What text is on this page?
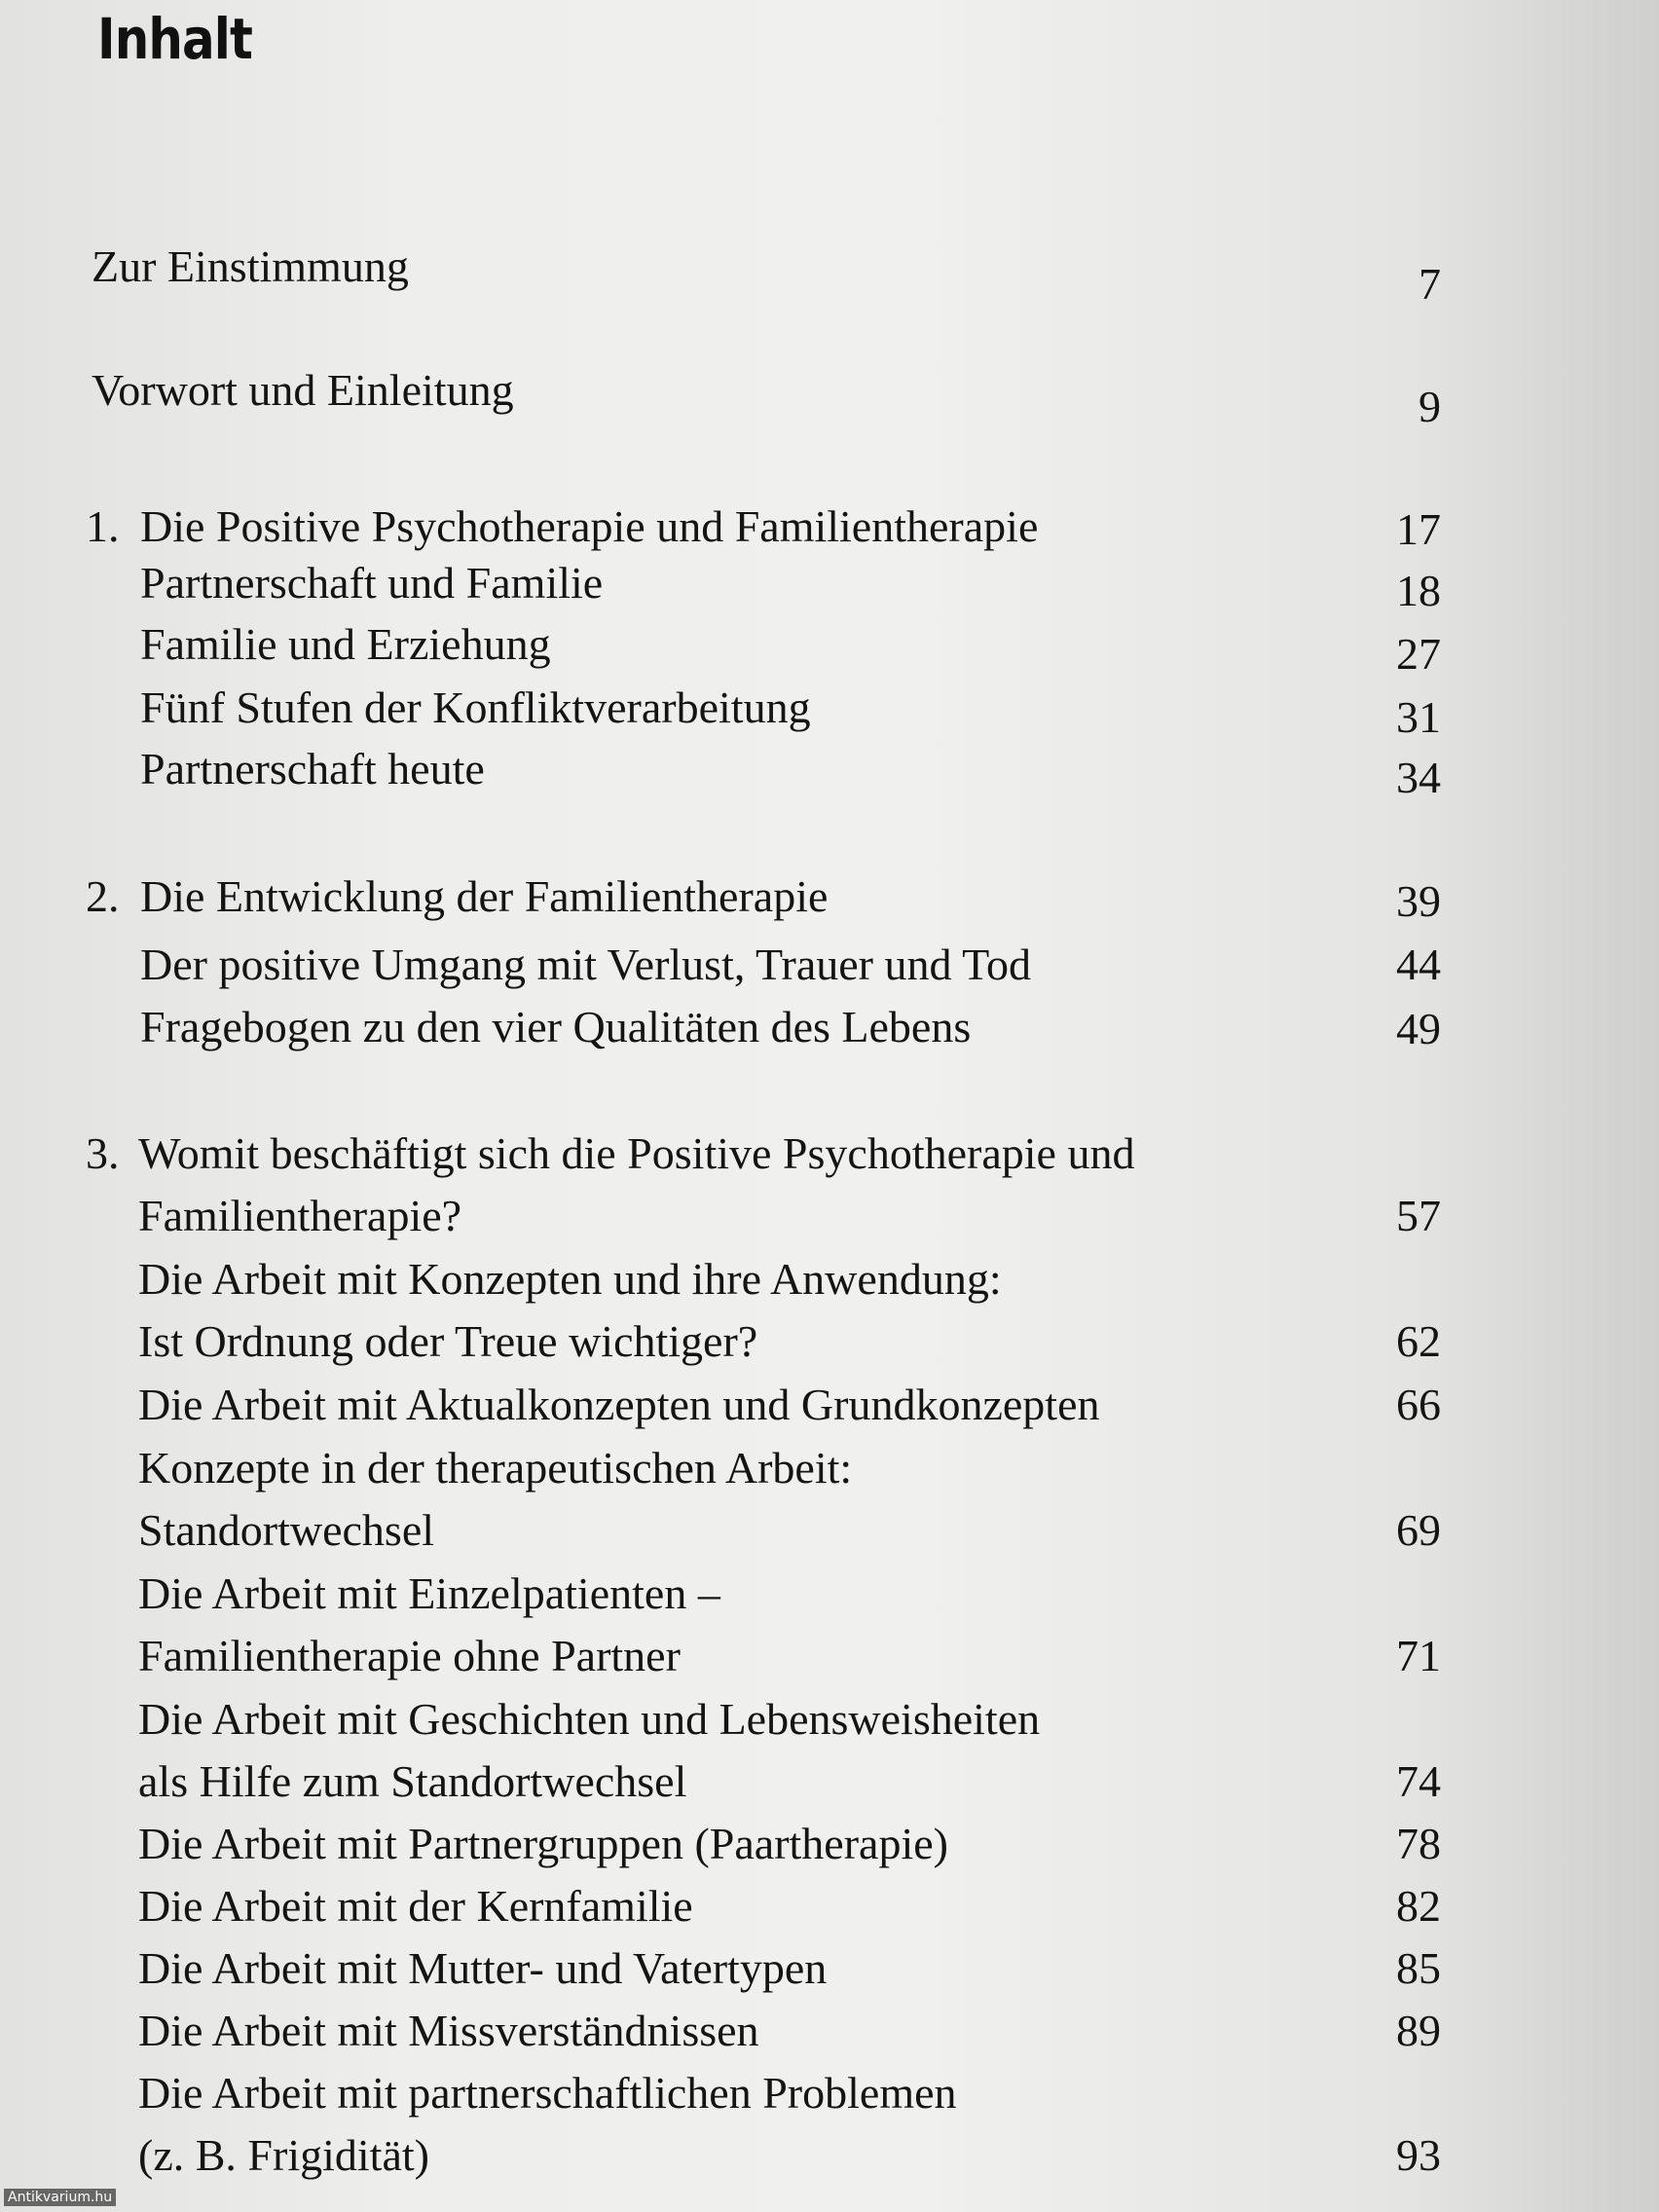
Inhalt
Zur Einstimmung	7
Vorwort und Einleitung	9
1. Die Positive Psychotherapie und Familientherapie	17
Partnerschaft und Familie	18
Familie und Erziehung	27
Fünf Stufen der Konfliktverarbeitung	31
Partnerschaft heute	34
2. Die Entwicklung der Familientherapie	39
Der positive Umgang mit Verlust, Trauer und Tod	44
Fragebogen zu den vier Qualitäten des Lebens	49
3. Womit beschäftigt sich die Positive Psychotherapie und
Familientherapie?	57
Die Arbeit mit Konzepten und ihre Anwendung:
Ist Ordnung oder Treue wichtiger?	62
Die Arbeit mit Aktualkonzepten und Grundkonzepten	66
Konzepte in der therapeutischen Arbeit:
Standortwechsel	69
Die Arbeit mit Einzelpatienten –
Familientherapie ohne Partner	71
Die Arbeit mit Geschichten und Lebensweisheiten
als Hilfe zum Standortwechsel	74
Die Arbeit mit Partnergruppen (Paartherapie)	78
Die Arbeit mit der Kernfamilie	82
Die Arbeit mit Mutter- und Vatertypen	85
Die Arbeit mit Missverständnissen	89
Die Arbeit mit partnerschaftlichen Problemen
(z. B. Frigidität)	93
Antikvarium.hu
